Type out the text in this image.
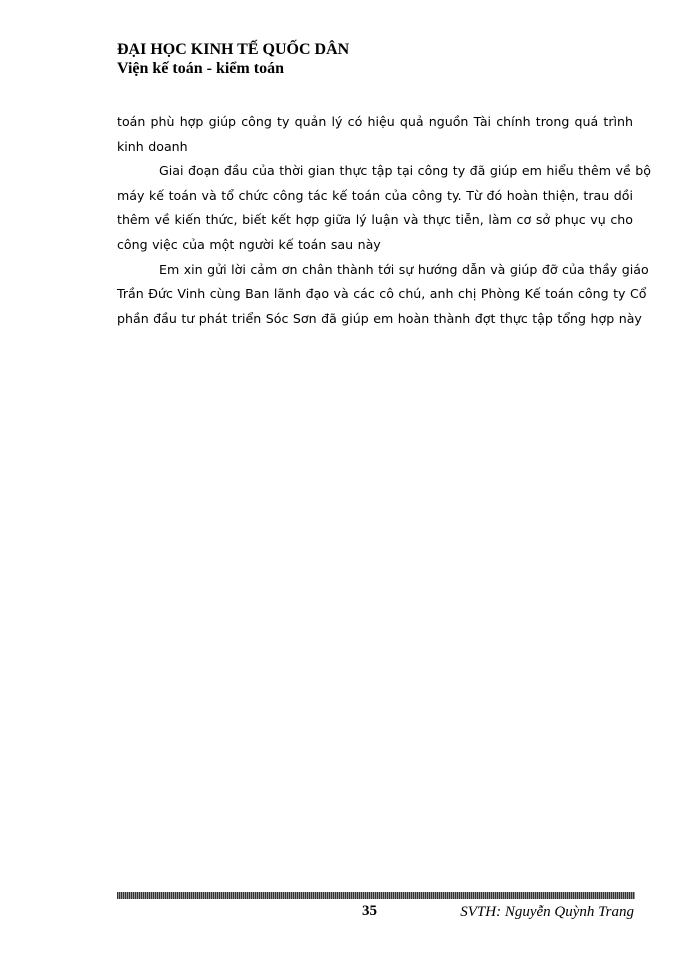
ĐẠI HỌC KINH TẾ QUỐC DÂN
Viện kế toán - kiểm toán
toán phù hợp giúp công ty quản lý có hiệu quả nguồn Tài chính trong quá trình
kinh doanh
Giai đoạn đầu của thời gian thực tập tại công ty đã giúp em hiểu thêm về bộ
máy kế toán và tổ chức công tác kế toán của công ty. Từ đó hoàn thiện, trau dồi
thêm về kiến thức, biết kết hợp giữa lý luận và thực tiễn, làm cơ sở phục vụ cho
công việc của một người kế toán sau này
Em xin gửi lời cảm ơn chân thành tới sự hướng dẫn và giúp đỡ của thầy giáo
Trần Đức Vinh cùng Ban lãnh đạo và các cô chú, anh chị Phòng Kế toán công ty Cổ
phần đầu tư phát triển Sóc Sơn đã giúp em hoàn thành đợt thực tập tổng hợp này
35	SVTH: Nguyễn Quỳnh Trang
